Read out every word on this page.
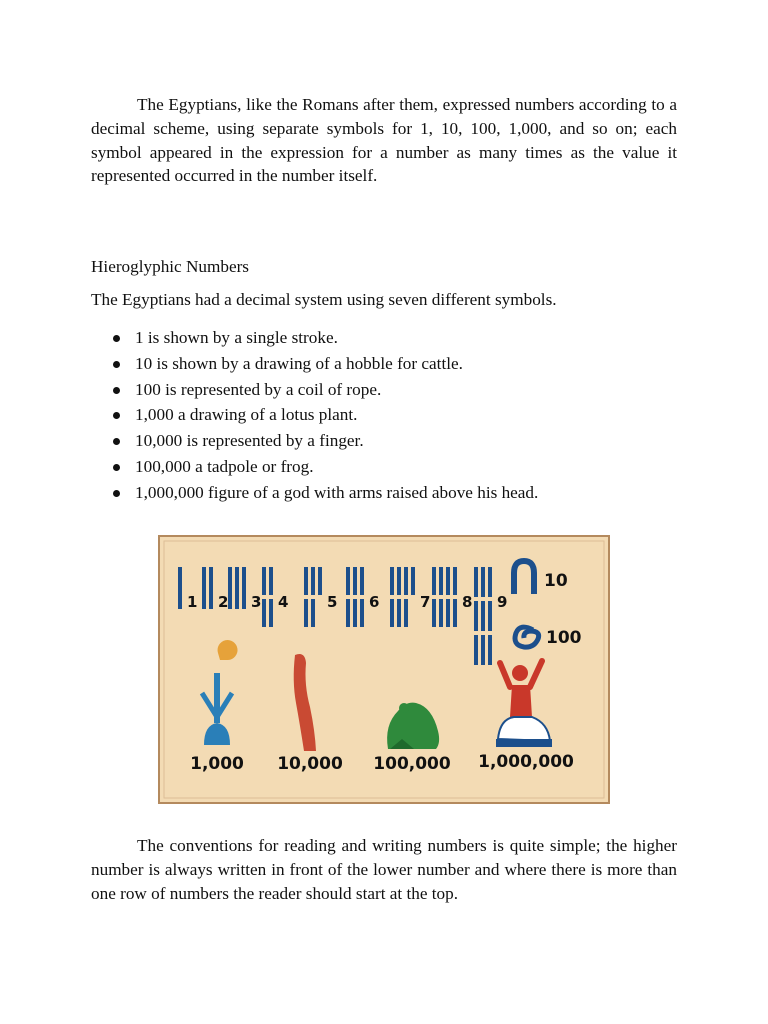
The Egyptians, like the Romans after them, expressed numbers according to a decimal scheme, using separate symbols for 1, 10, 100, 1,000, and so on; each symbol appeared in the expression for a number as many times as the value it represented occurred in the number itself.

Hieroglyphic Numbers

The Egyptians had a decimal system using seven different symbols.

1 is shown by a single stroke.
10 is shown by a drawing of a hobble for cattle.
100 is represented by a coil of rope.
1,000 a drawing of a lotus plant.
10,000 is represented by a finger.
100,000 a tadpole or frog.
1,000,000 figure of a god with arms raised above his head.
1 2 3 4	5 6	7 8 9
10
100
1,000 10,000 100,000 1,000,000

The conventions for reading and writing numbers is quite simple; the higher number is always written in front of the lower number and where there is more than one row of numbers the reader should start at the top.
